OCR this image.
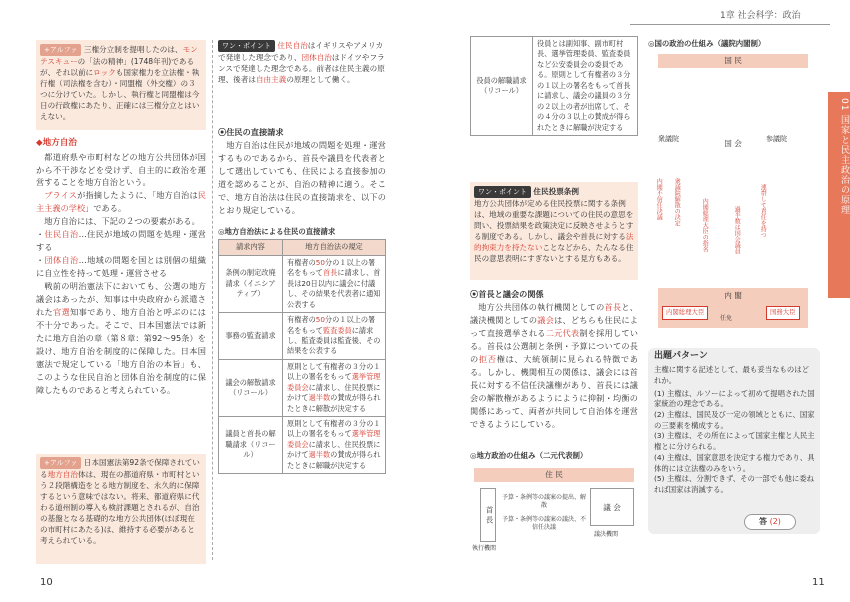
1章 社会科学：政治
01 国家と民主政治の原理
+アルファ 三権分立制を提唱したのは、モンテスキューの「法の精神」(1748年刊)であるが、それ以前にロックも国家権力を立法権・執行権（司法権を含む）・同盟権（外交権）の３つに分けていた。しかし、執行権と同盟権は今日の行政権にあたり、正確には三権分立とはいえない。
◆地方自治

都道府県や市町村などの地方公共団体が国から不干渉などを受けず、自主的に政治を運営することを地方自治という。

ブライスが指摘したように、「地方自治は民主主義の学校」である。

地方自治には、下記の２つの要素がある。

・住民自治…住民が地域の問題を処理・運営する
・団体自治…地域の問題を国とは別個の組織に自立性を持って処理・運営させる

戦前の明治憲法下においても、公選の地方議会はあったが、知事は中央政府から派遣された官選知事であり、地方自治と呼ぶのには不十分であった。そこで、日本国憲法では新たに地方自治の章（第８章：第92〜95条）を設け、地方自治を制度的に保障した。日本国憲法で規定している「地方自治の本旨」も、このような住民自治と団体自治を制度的に保障したものであると考えられている。

+アルファ 日本国憲法第92条で保障されている地方自治体は、現在の都道府県・市町村という２段階構造をとる地方制度を、永久的に保障するという意味ではない。将来、都道府県に代わる道州制の導入も検討課題とされるが、自治の基盤となる基礎的な地方公共団体(ほぼ現在の市町村にあたる)は、維持する必要があると考えられている。
ワン・ポイント 住民自治はイギリスやアメリカで発達した理念であり、団体自治はドイツやフランスで発達した理念である。前者は住民主義の原理、後者は自由主義の原理として働く。
⦿住民の直接請求

地方自治は住民が地域の問題を処理・運営するものであるから、首長や議員を代表者として選出していても、住民による直接参加の道を認めることが、自治の精神に適う。そこで、地方自治法は住民の直接請求を、以下のとおり規定している。

◎地方自治法による住民の直接請求
請求内容	地方自治法の規定
条例の制定改廃請求（イニシアティブ）	有権者の50分の１以上の署名をもって首長に請求し、首長は20日以内に議会に付議し、その結果を代表者に通知公表する
事務の監査請求	有権者の50分の１以上の署名をもって監査委員に請求し、監査委員は監査後、その結果を公表する
議会の解散請求（リコール）	原則として有権者の３分の１以上の署名をもって選挙管理委員会に請求し、住民投票にかけて過半数の賛成が得られたときに解散が決定する
議員と首長の解職請求（リコール）	原則として有権者の３分の１以上の署名をもって選挙管理委員会に請求し、住民投票にかけて過半数の賛成が得られたときに解職が決定する
10
役員の解職請求（リコール）	役員とは副知事、副市町村長、選挙管理委員、監査委員など公安委員会の委員である。原則として有権者の３分の１以上の署名をもって首長に請求し、議会の議員の３分の２以上の者が出席して、その４分の３以上の賛成が得られたときに解職が決定する
ワン・ポイント 住民投票条例
地方公共団体が定める住民投票に関する条例は、地域の重要な課題についての住民の意思を問い、投票結果を政策決定に反映させようとする制度である。しかし、議会や首長に対する法的拘束力を持たないことなどから、たんなる住民の意思表明にすぎないとする見方もある。
⦿首長と議会の関係

地方公共団体の執行機関としての首長と、議決機関としての議会は、どちらも住民によって直接選挙される二元代表制を採用している。首長は公選制と条例・予算についての長の拒否権は、大統領制に見られる特徴である。しかし、機関相互の関係は、議会には首長に対する不信任決議権があり、首長には議会の解散権があるようにように抑制・均衡の関係にあって、両者が共同して自治体を運営できるようにしている。

◎地方政治の仕組み（二元代表制）
住 民
首 長	議 会
予算・条例等の議案の提出、解散
予算・条例等の議案の議決、不信任決議
執行機関
議決機関
11
◎国の政治の仕組み（議院内閣制）
国 民
国 会
衆議院	参議院
内閣不信任決議 衆議院解散の決定	内閣総理大臣の指名	連帯して責任を持つ
過半数は国会議員
内 閣
内閣総理大臣
任免
国務大臣
出題パターン
主権に関する記述として、最も妥当なものはどれか。
(1) 主権は、ルソーによって初めて提唱された国家統治の理念である。
(2) 主権は、国民及び一定の領域とともに、国家の三要素を構成する。
(3) 主権は、その所在によって国家主権と人民主権とに分けられる。
(4) 主権は、国家意思を決定する権力であり、具体的には立法権のみをいう。
(5) 主権は、分割できず、その一部でも他に委ねれば国家は消滅する。
答 (2)
